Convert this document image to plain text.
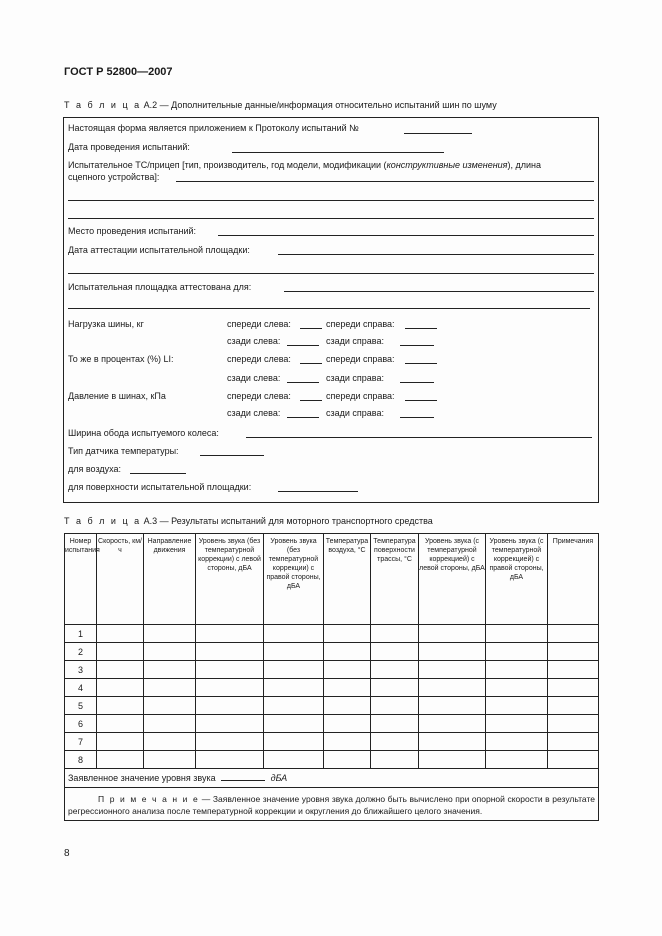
ГОСТ Р 52800—2007
Т а б л и ц а А.2 — Дополнительные данные/информация относительно испытаний шин по шуму
Настоящая форма является приложением к Протоколу испытаний №
Дата проведения испытаний:
Испытательное ТС/прицеп [тип, производитель, год модели, модификации (конструктивные изменения), длина
сцепного устройства]:
Место проведения испытаний:
Дата аттестации испытательной площадки:
Испытательная площадка аттестована для:
Нагрузка шины, кг	спереди слева:	спереди справа:
сзади слева:	сзади справа:
То же в процентах (%) LI:	спереди слева:	спереди справа:
сзади слева:	сзади справа:
Давление в шинах, кПа	спереди слева:	спереди справа:
сзади слева:	сзади справа:
Ширина обода испытуемого колеса:
Тип датчика температуры:
для воздуха:
для поверхности испытательной площадки:
Т а б л и ц а А.3 — Результаты испытаний для моторного транспортного средства
Номер испытания	Скорость, км/ч	Направление движения	Уровень звука (без температурной коррекции) с левой стороны, дБА	Уровень звука (без температурной коррекции) с правой стороны, дБА	Температура воздуха, °С	Температура поверхности трассы, °С	Уровень звука (с температурной коррекцией) с левой стороны, дБА	Уровень звука (с температурной коррекцией) с правой стороны, дБА	Примечания
1									
2									
3									
4									
5									
6									
7									
8									
Заявленное значение уровня звука дБА									
П р и м е ч а н и е — Заявленное значение уровня звука должно быть вычислено при опорной скорости в результате регрессионного анализа после температурной коррекции и округления до ближайшего целого значения.									
8
